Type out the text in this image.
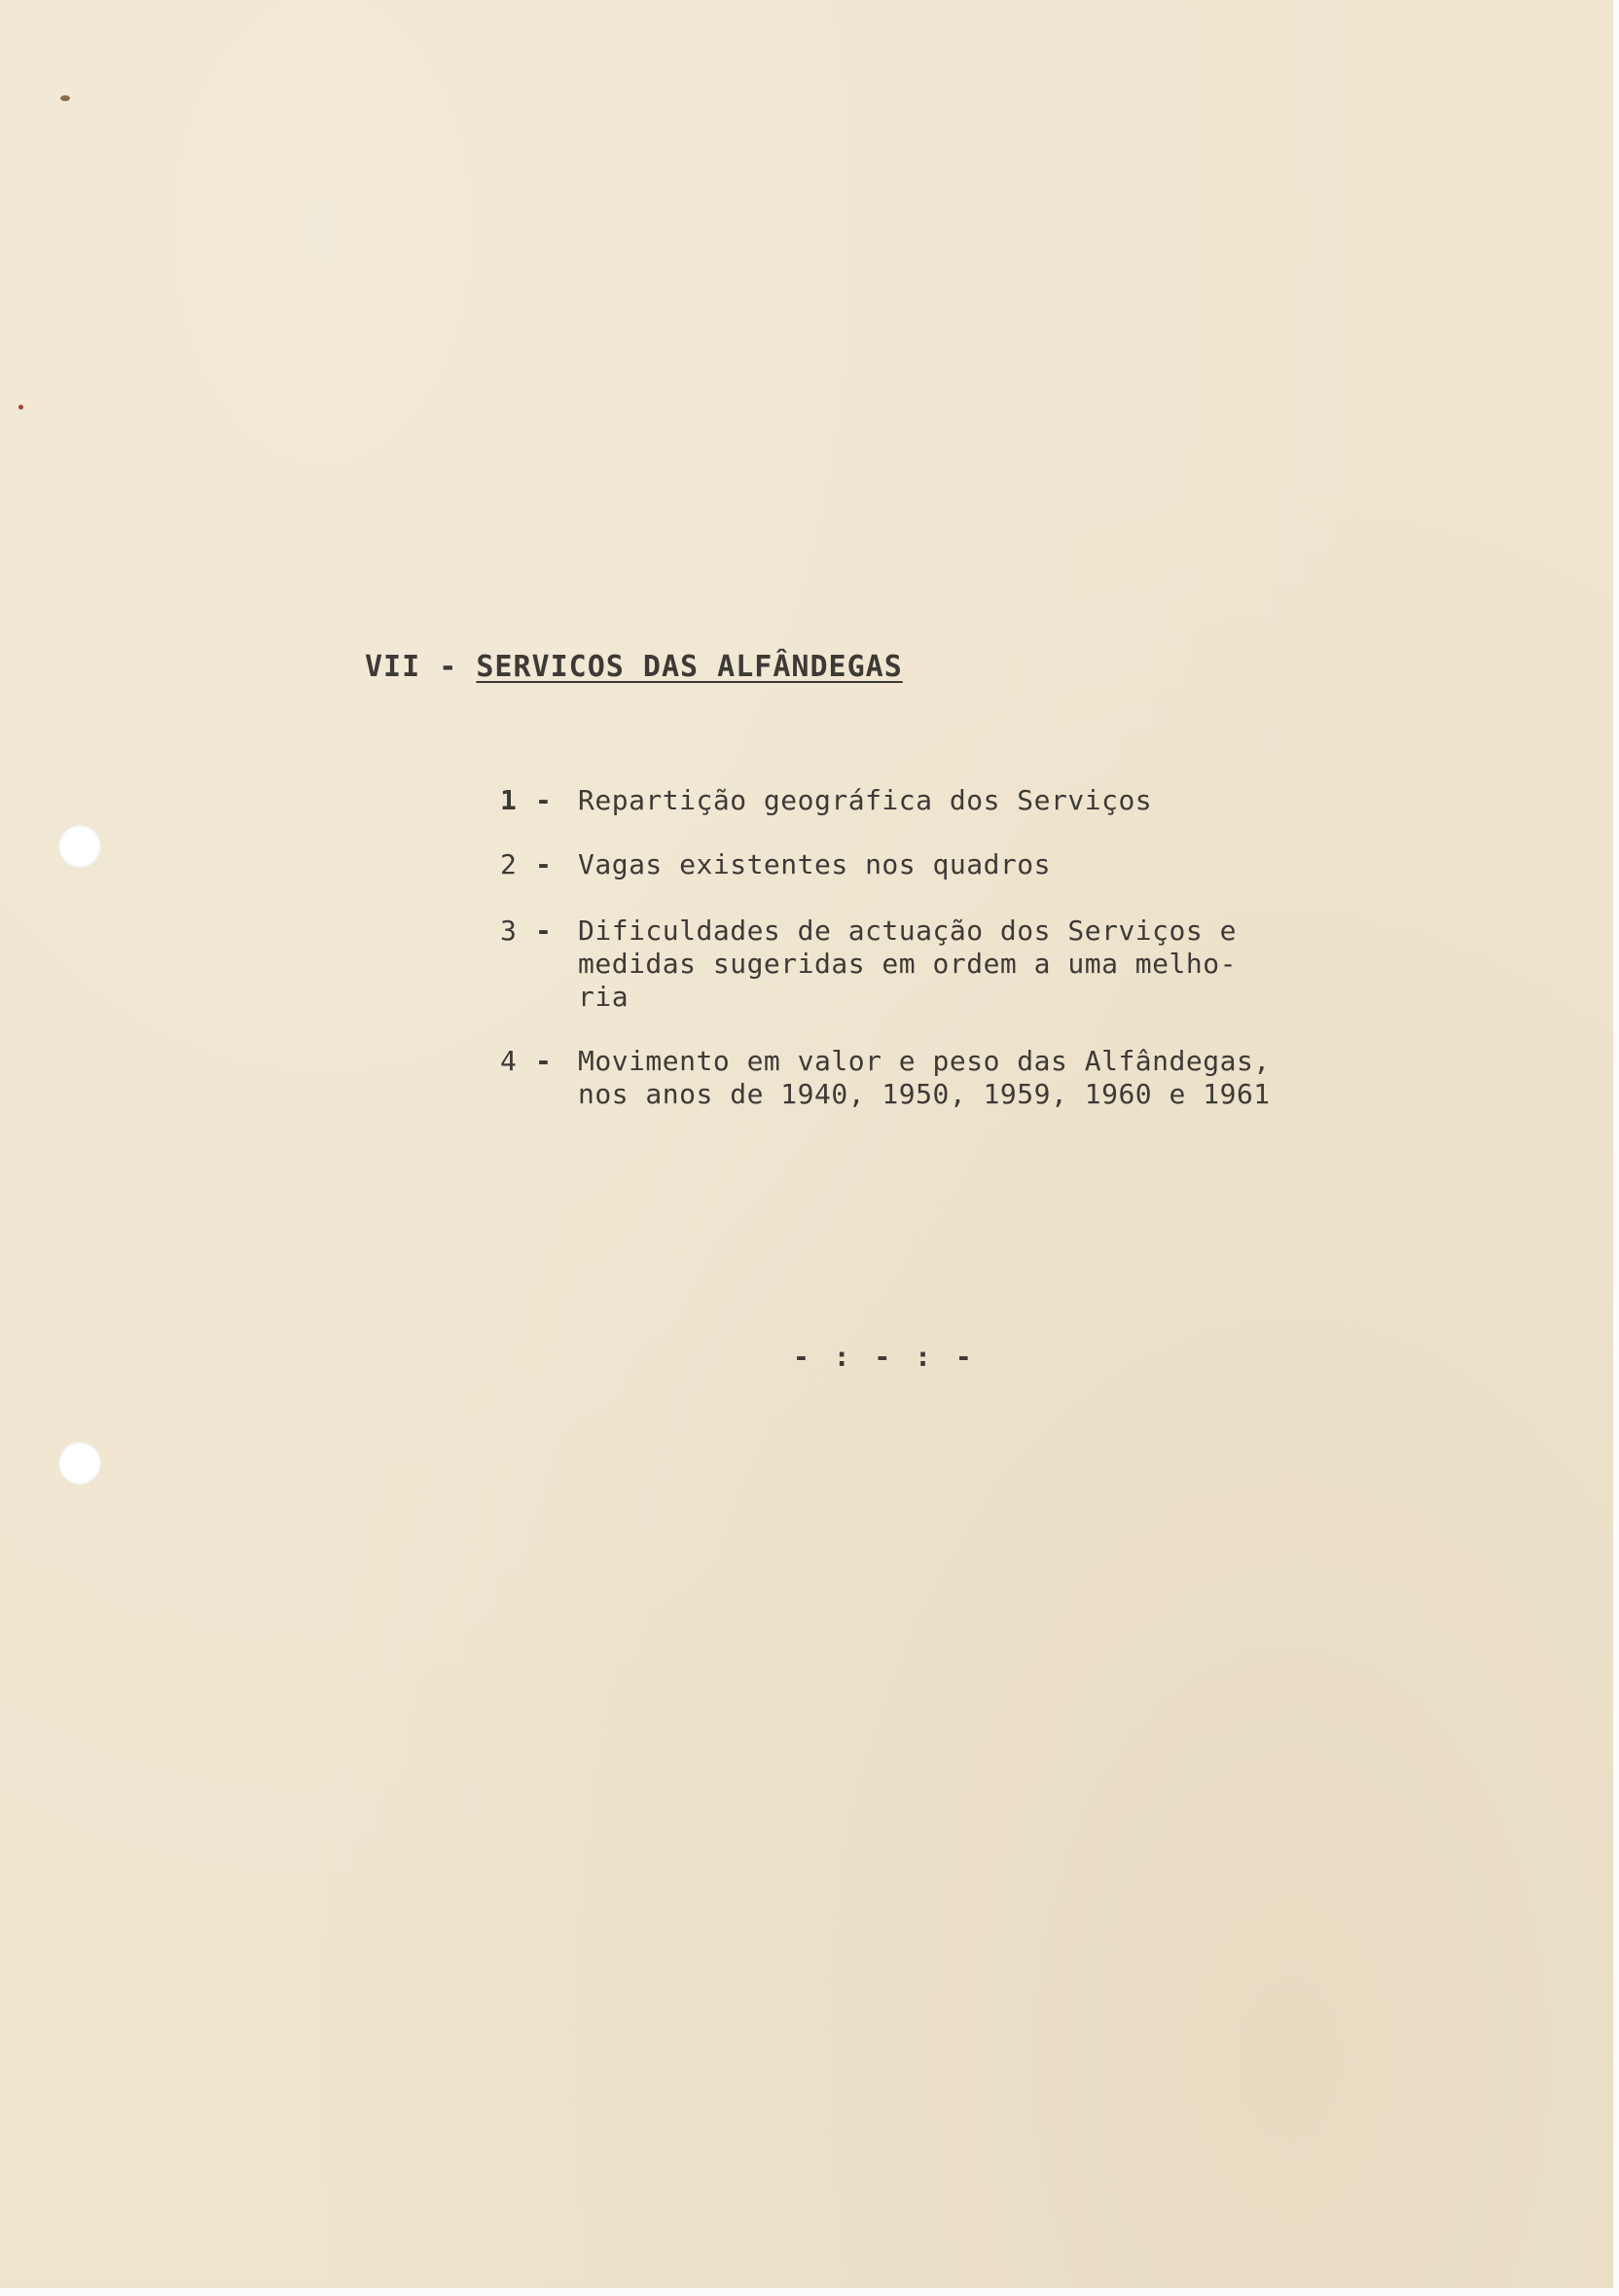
VII - SERVICOS DAS ALFÂNDEGAS
1 - Repartição geográfica dos Serviços
2 - Vagas existentes nos quadros
3 - Dificuldades de actuação dos Serviços e
medidas sugeridas em ordem a uma melho-
ria
4 - Movimento em valor e peso das Alfândegas,
nos anos de 1940, 1950, 1959, 1960 e 1961
- : - : -
